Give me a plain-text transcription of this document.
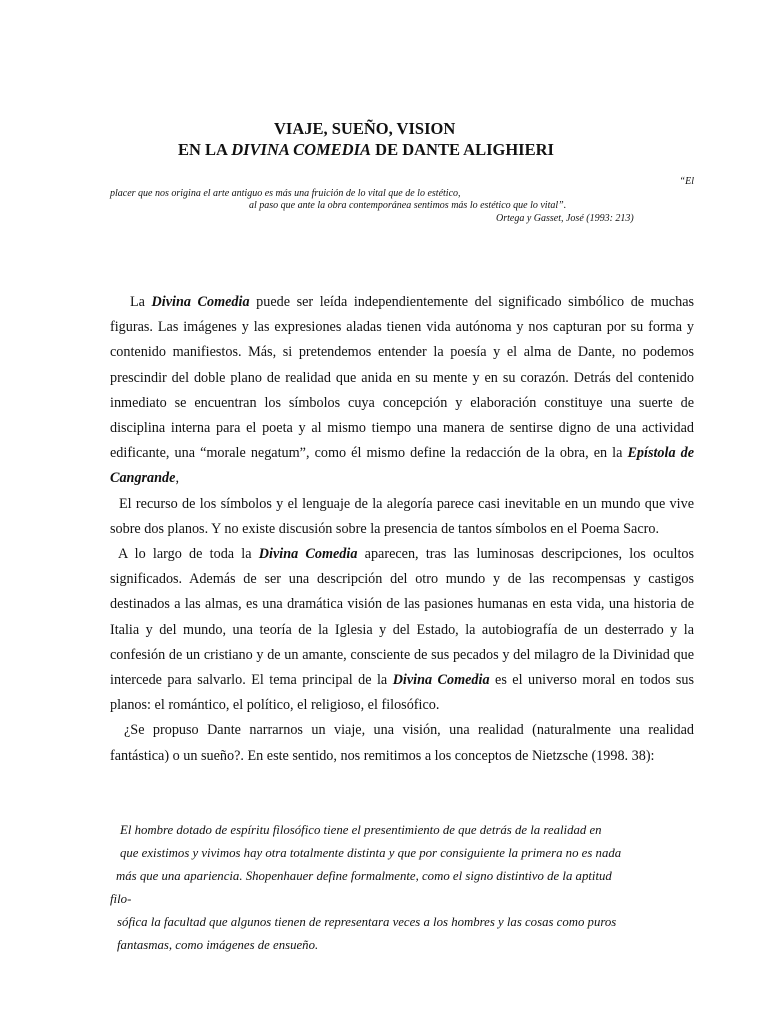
VIAJE, SUEÑO, VISION
EN LA DIVINA COMEDIA DE DANTE ALIGHIERI
“El
placer que nos origina el arte antiguo es más una fruición de lo vital que de lo estético,
al paso que ante la obra contemporánea sentimos más lo estético que lo vital”.
Ortega y Gasset, José (1993: 213)

La Divina Comedia puede ser leída independientemente del significado simbólico de muchas figuras. Las imágenes y las expresiones aladas tienen vida autónoma y nos capturan por su forma y contenido manifiestos. Más, si pretendemos entender la poesía y el alma de Dante, no podemos prescindir del doble plano de realidad que anida en su mente y en su corazón. Detrás del contenido inmediato se encuentran los símbolos cuya concepción y elaboración constituye una suerte de disciplina interna para el poeta y al mismo tiempo una manera de sentirse digno de una actividad edificante, una “morale negatum”, como él mismo define la redacción de la obra, en la Epístola de Cangrande,

El recurso de los símbolos y el lenguaje de la alegoría parece casi inevitable en un mundo que vive sobre dos planos. Y no existe discusión sobre la presencia de tantos símbolos en el Poema Sacro.

A lo largo de toda la Divina Comedia aparecen, tras las luminosas descripciones, los ocultos significados. Además de ser una descripción del otro mundo y de las recompensas y castigos destinados a las almas, es una dramática visión de las pasiones humanas en esta vida, una historia de Italia y del mundo, una teoría de la Iglesia y del Estado, la autobiografía de un desterrado y la confesión de un cristiano y de un amante, consciente de sus pecados y del milagro de la Divinidad que intercede para salvarlo. El tema principal de la Divina Comedia es el universo moral en todos sus planos: el romántico, el político, el religioso, el filosófico.

¿Se propuso Dante narrarnos un viaje, una visión, una realidad (naturalmente una realidad fantástica) o un sueño?. En este sentido, nos remitimos a los conceptos de Nietzsche (1998. 38):

El hombre dotado de espíritu filosófico tiene el presentimiento de que detrás de la realidad en
que existimos y vivimos hay otra totalmente distinta y que por consiguiente la primera no es nada
más que una apariencia. Shopenhauer define formalmente, como el signo distintivo de la aptitud
filo-
sófica la facultad que algunos tienen de representara veces a los hombres y las cosas como puros
fantasmas, como imágenes de ensueño.
